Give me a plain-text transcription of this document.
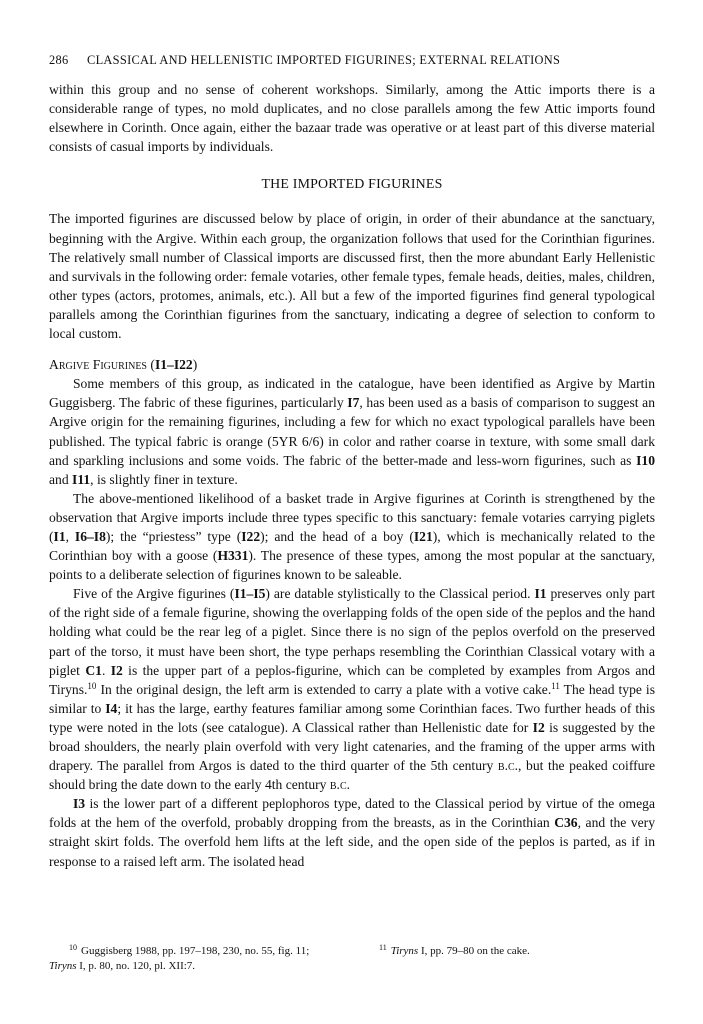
286	CLASSICAL AND HELLENISTIC IMPORTED FIGURINES; EXTERNAL RELATIONS

within this group and no sense of coherent workshops. Similarly, among the Attic imports there is a considerable range of types, no mold duplicates, and no close parallels among the few Attic imports found elsewhere in Corinth. Once again, either the bazaar trade was operative or at least part of this diverse material consists of casual imports by individuals.

THE IMPORTED FIGURINES

The imported figurines are discussed below by place of origin, in order of their abundance at the sanctuary, beginning with the Argive. Within each group, the organization follows that used for the Corinthian figurines. The relatively small number of Classical imports are discussed first, then the more abundant Early Hellenistic and survivals in the following order: female votaries, other female types, female heads, deities, males, children, other types (actors, protomes, animals, etc.). All but a few of the imported figurines find general typological parallels among the Corinthian figurines from the sanctuary, indicating a degree of selection to conform to local custom.

Argive Figurines (I1–I22)

Some members of this group, as indicated in the catalogue, have been identified as Argive by Martin Guggisberg. The fabric of these figurines, particularly I7, has been used as a basis of comparison to suggest an Argive origin for the remaining figurines, including a few for which no exact typological parallels have been published. The typical fabric is orange (5YR 6/6) in color and rather coarse in texture, with some small dark and sparkling inclusions and some voids. The fabric of the better-made and less-worn figurines, such as I10 and I11, is slightly finer in texture.

The above-mentioned likelihood of a basket trade in Argive figurines at Corinth is strengthened by the observation that Argive imports include three types specific to this sanctuary: female votaries carrying piglets (I1, I6–I8); the “priestess” type (I22); and the head of a boy (I21), which is mechanically related to the Corinthian boy with a goose (H331). The presence of these types, among the most popular at the sanctuary, points to a deliberate selection of figurines known to be saleable.

Five of the Argive figurines (I1–I5) are datable stylistically to the Classical period. I1 preserves only part of the right side of a female figurine, showing the overlapping folds of the open side of the peplos and the hand holding what could be the rear leg of a piglet. Since there is no sign of the peplos overfold on the preserved part of the torso, it must have been short, the type perhaps resembling the Corinthian Classical votary with a piglet C1. I2 is the upper part of a peplos-figurine, which can be completed by examples from Argos and Tiryns.$^{10}$ In the original design, the left arm is extended to carry a plate with a votive cake.$^{11}$ The head type is similar to I4; it has the large, earthy features familiar among some Corinthian faces. Two further heads of this type were noted in the lots (see catalogue). A Classical rather than Hellenistic date for I2 is suggested by the broad shoulders, the nearly plain overfold with very light catenaries, and the framing of the upper arms with drapery. The parallel from Argos is dated to the third quarter of the 5th century b.c., but the peaked coiffure should bring the date down to the early 4th century b.c.

I3 is the lower part of a different peplophoros type, dated to the Classical period by virtue of the omega folds at the hem of the overfold, probably dropping from the breasts, as in the Corinthian C36, and the very straight skirt folds. The overfold hem lifts at the left side, and the open side of the peplos is parted, as if in response to a raised left arm. The isolated head

$^{10}$ Guggisberg 1988, pp. 197–198, 230, no. 55, fig. 11;	$^{11}$ Tiryns I, pp. 79–80 on the cake.
Tiryns I, p. 80, no. 120, pl. XII:7.
